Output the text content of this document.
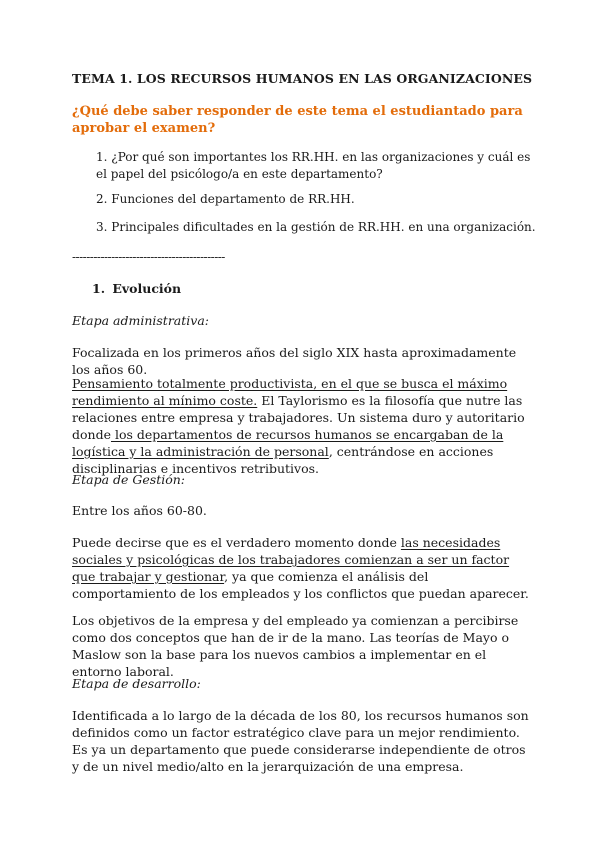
TEMA 1. LOS RECURSOS HUMANOS EN LAS ORGANIZACIONES

¿Qué debe saber responder de este tema el estudiantado para aprobar el examen?

1. ¿Por qué son importantes los RR.HH. en las organizaciones y cuál es el papel del psicólogo/a en este departamento?

2. Funciones del departamento de RR.HH.

3. Principales dificultades en la gestión de RR.HH. en una organización.

-------------------------------------------

1. Evolución

Etapa administrativa:

Focalizada en los primeros años del siglo XIX hasta aproximadamente los años 60.

Pensamiento totalmente productivista, en el que se busca el máximo rendimiento al mínimo coste. El Taylorismo es la filosofía que nutre las relaciones entre empresa y trabajadores. Un sistema duro y autoritario donde los departamentos de recursos humanos se encargaban de la logística y la administración de personal, centrándose en acciones disciplinarias e incentivos retributivos.

Etapa de Gestión:

Entre los años 60-80.

Puede decirse que es el verdadero momento donde las necesidades sociales y psicológicas de los trabajadores comienzan a ser un factor que trabajar y gestionar, ya que comienza el análisis del comportamiento de los empleados y los conflictos que puedan aparecer.

Los objetivos de la empresa y del empleado ya comienzan a percibirse como dos conceptos que han de ir de la mano. Las teorías de Mayo o Maslow son la base para los nuevos cambios a implementar en el entorno laboral.

Etapa de desarrollo:

Identificada a lo largo de la década de los 80, los recursos humanos son definidos como un factor estratégico clave para un mejor rendimiento. Es ya un departamento que puede considerarse independiente de otros y de un nivel medio/alto en la jerarquización de una empresa.
